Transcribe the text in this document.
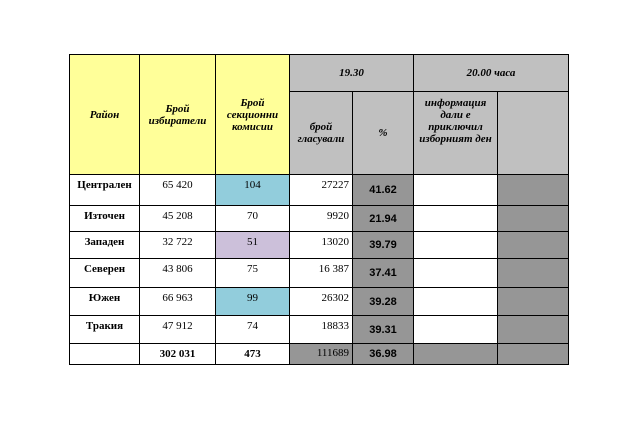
Район	Брой избиратели	Брой секционни комисии	19.30		20.00 часа	
			брой гласували	%	информация дали е приключил изборният ден	
Централен	65 420	104	27227	41.62		
Източен	45 208	70	9920	21.94		
Западен	32 722	51	13020	39.79		
Северен	43 806	75	16 387	37.41		
Южен	66 963	99	26302	39.28		
Тракия	47 912	74	18833	39.31		
	302 031	473	111689	36.98		
